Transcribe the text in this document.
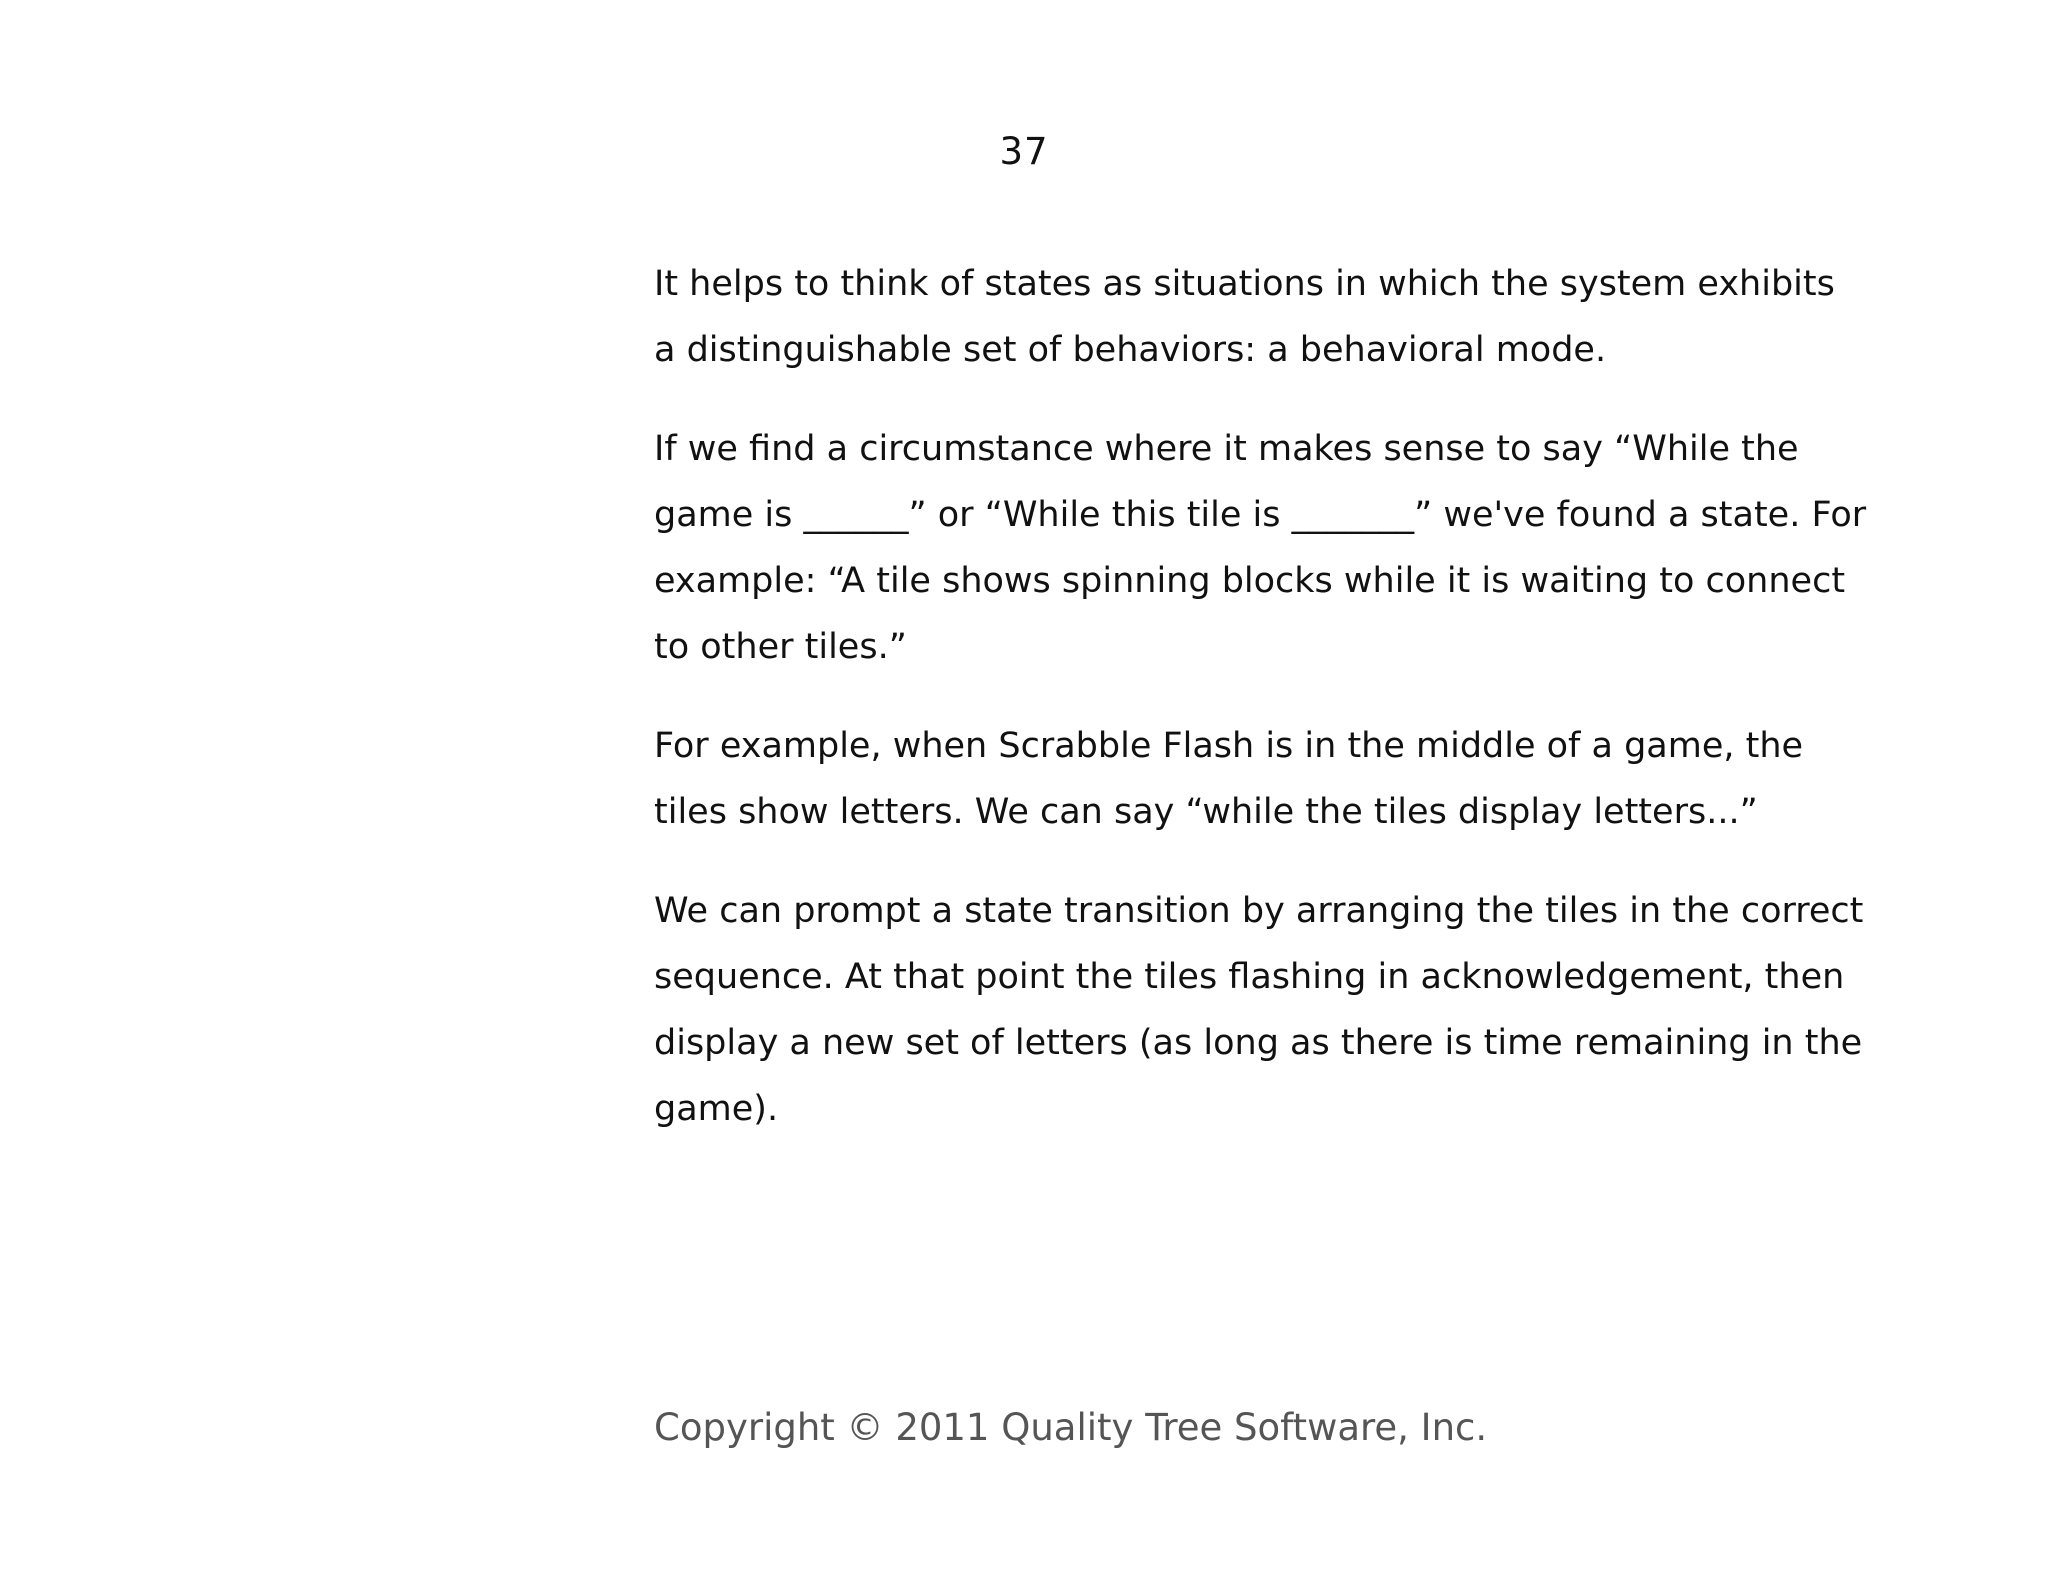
37

It helps to think of states as situations in which the system exhibits
a distinguishable set of behaviors: a behavioral mode.

If we find a circumstance where it makes sense to say “While the
game is ______” or “While this tile is _______” we've found a state. For
example: “A tile shows spinning blocks while it is waiting to connect
to other tiles.”

For example, when Scrabble Flash is in the middle of a game, the
tiles show letters. We can say “while the tiles display letters...”

We can prompt a state transition by arranging the tiles in the correct
sequence. At that point the tiles flashing in acknowledgement, then
display a new set of letters (as long as there is time remaining in the
game).

Copyright © 2011 Quality Tree Software, Inc.
